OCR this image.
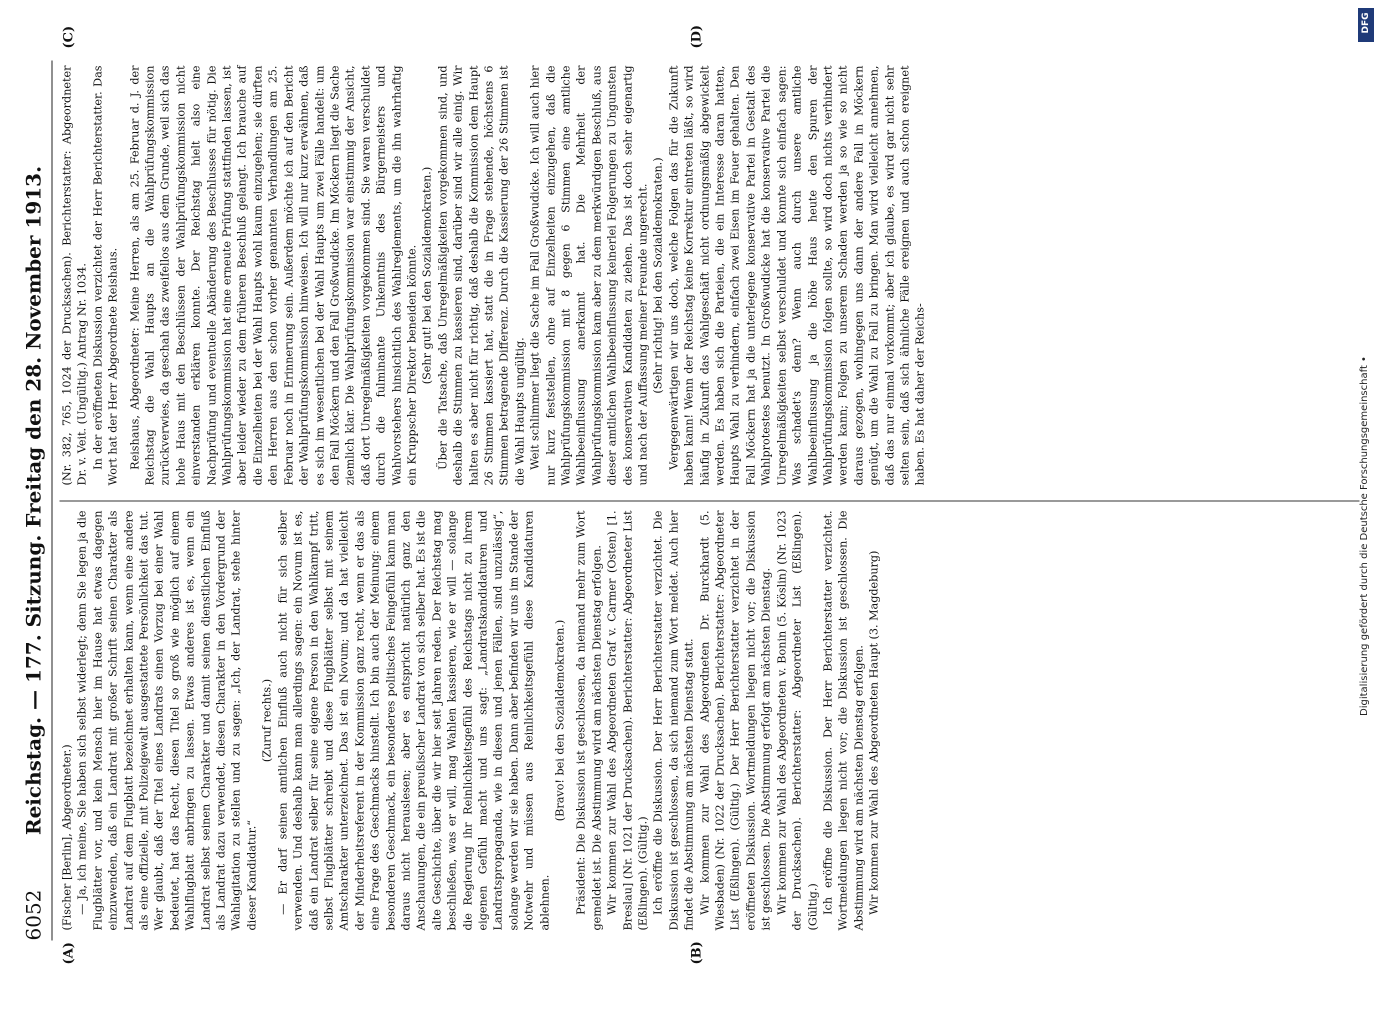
6052
Reichstag. — 177. Sitzung. Freitag den 28. November 1913.
(A)	(B)
(C)	(D)

(Fischer [Berlin], Abgeordneter.) — Ja, ich meine, Sie haben sich selbst widerlegt; denn Sie legen ja die Flugblätter vor, und kein Mensch hier im Hause hat etwas dagegen einzuwenden, daß ein Landrat mit großer Schrift seinen Charakter als Landrat auf dem Flugblatt bezeichnet erhalten kann, wenn eine andere als eine offizielle, mit Polizeigewalt ausgestattete Persönlichkeit das tut. Wer glaubt, daß der Titel eines Landrats einen Vorzug bei einer Wahl bedeutet, hat das Recht, diesen Titel so groß wie möglich auf einem Wahlflugblatt anbringen zu lassen. Etwas anderes ist es, wenn ein Landrat selbst seinen Charakter und damit seinen dienstlichen Einfluß als Landrat dazu verwendet, diesen Charakter in den Vordergrund der Wahlagitation zu stellen und zu sagen: „Ich, der Landrat, stehe hinter dieser Kandidatur.“

(Zuruf rechts.) — Er darf seinen amtlichen Einfluß auch nicht für sich selber verwenden. Und deshalb kann man allerdings sagen: ein Novum ist es, daß ein Landrat selber für seine eigene Person in den Wahlkampf tritt, selbst Flugblätter schreibt und diese Flugblätter selbst mit seinem Amtscharakter unterzeichnet. Das ist ein Novum; und da hat vielleicht der Minderheitsreferent in der Kommission ganz recht, wenn er das als eine Frage des Geschmacks hinstellt. Ich bin auch der Meinung: einem besonderen Geschmack, ein besonderes politisches Feingefühl kann man daraus nicht herauslesen; aber es entspricht natürlich ganz den Anschauungen, die ein preußischer Landrat von sich selber hat. Es ist die alte Geschichte, über die wir hier seit Jahren reden. Der Reichstag mag beschließen, was er will, mag Wahlen kassieren, wie er will — solange die Regierung ihr Reinlichkeitsgefühl des Reichstags nicht zu ihrem eigenen Gefühl macht und uns sagt: „Landratskandidaturen und Landratspropaganda, wie in diesen und jenen Fällen, sind unzulässig“, solange werden wir sie haben. Dann aber befinden wir uns im Stande der Notwehr und müssen aus Reinlichkeitsgefühl diese Kandidaturen ablehnen.

(Bravo! bei den Sozialdemokraten.) Präsident: Die Diskussion ist geschlossen, da niemand mehr zum Wort gemeldet ist. Die Abstimmung wird am nächsten Dienstag erfolgen. Wir kommen zur Wahl des Abgeordneten Graf v. Carmer (Osten) [1. Breslau] (Nr. 1021 der Drucksachen). Berichterstatter: Abgeordneter List (Eßlingen). (Gültig.) Ich eröffne die Diskussion. Der Herr Berichterstatter verzichtet. Die Diskussion ist geschlossen, da sich niemand zum Wort meldet. Auch hier findet die Abstimmung am nächsten Dienstag statt. Wir kommen zur Wahl des Abgeordneten Dr. Burckhardt (5. Wiesbaden) (Nr. 1022 der Drucksachen). Berichterstatter: Abgeordneter List (Eßlingen). (Gültig.) Der Herr Berichterstatter verzichtet in der eröffneten Diskussion. Wortmeldungen liegen nicht vor; die Diskussion ist geschlossen. Die Abstimmung erfolgt am nächsten Dienstag. Wir kommen zur Wahl des Abgeordneten v. Bonin (5. Köslin) (Nr. 1023 der Drucksachen). Berichterstatter: Abgeordneter List (Eßlingen). (Gültig.) Ich eröffne die Diskussion. Der Herr Berichterstatter verzichtet. Wortmeldungen liegen nicht vor; die Diskussion ist geschlossen. Die Abstimmung wird am nächsten Dienstag erfolgen. Wir kommen zur Wahl des Abgeordneten Haupt (3. Magdeburg)

(Nr. 382, 765, 1024 der Drucksachen). Berichterstatter: Abgeordneter Dr. v. Veit. (Ungültig.) Antrag Nr. 1034. In der eröffneten Diskussion verzichtet der Herr Berichterstatter. Das Wort hat der Herr Abgeordnete Reishaus. Reishaus, Abgeordneter: Meine Herren, als am 25. Februar d. J. der Reichstag die Wahl Haupts an die Wahlprüfungskommission zurückverwies, da geschah das zweifellos aus dem Grunde, weil sich das hohe Haus mit den Beschlüssen der Wahlprüfungskommission nicht einverstanden erklären konnte. Der Reichstag hielt also eine Nachprüfung und eventuelle Abänderung des Beschlusses für nötig. Die Wahlprüfungskommission hat eine erneute Prüfung stattfinden lassen, ist aber leider wieder zu dem früheren Beschluß gelangt. Ich brauche auf die Einzelheiten bei der Wahl Haupts wohl kaum einzugehen; sie dürften den Herren aus den schon vorher genannten Verhandlungen am 25. Februar noch in Erinnerung sein. Außerdem möchte ich auf den Bericht der Wahlprüfungskommission hinweisen. Ich will nur kurz erwähnen, daß es sich im wesentlichen bei der Wahl Haupts um zwei Fälle handelt: um den Fall Möckern und den Fall Großwudicke. Im Möckern liegt die Sache ziemlich klar. Die Wahlprüfungskommission war einstimmig der Ansicht, daß dort Unregelmäßigkeiten vorgekommen sind. Sie waren verschuldet durch die fulminante Unkenntnis des Bürgermeisters und Wahlvorstehers hinsichtlich des Wahlreglements, um die ihn wahrhaftig ein Kruppscher Direktor beneiden könnte. (Sehr gut! bei den Sozialdemokraten.) Über die Tatsache, daß Unregelmäßigkeiten vorgekommen sind, und deshalb die Stimmen zu kassieren sind, darüber sind wir alle einig. Wir halten es aber nicht für richtig, daß deshalb die Kommission dem Haupt 26 Stimmen kassiert hat, statt die in Frage stehende, höchstens 6 Stimmen betragende Differenz. Durch die Kassierung der 26 Stimmen ist die Wahl Haupts ungültig. Weit schlimmer liegt die Sache im Fall Großwudicke. Ich will auch hier nur kurz feststellen, ohne auf Einzelheiten einzugehen, daß die Wahlprüfungskommission mit 8 gegen 6 Stimmen eine amtliche Wahlbeeinflussung anerkannt hat. Die Mehrheit der Wahlprüfungskommission kam aber zu dem merkwürdigen Beschluß, aus dieser amtlichen Wahlbeeinflussung keinerlei Folgerungen zu Ungunsten des konservativen Kandidaten zu ziehen. Das ist doch sehr eigenartig und nach der Auffassung meiner Freunde ungerecht. (Sehr richtig! bei den Sozialdemokraten.) Vergegenwärtigen wir uns doch, welche Folgen das für die Zukunft haben kann! Wenn der Reichstag keine Korrektur eintreten läßt, so wird häufig in Zukunft das Wahlgeschäft nicht ordnungsmäßig abgewickelt werden. Es haben sich die Parteien, die ein Interesse daran hatten, Haupts Wahl zu verhindern, einfach zwei Eisen im Feuer gehalten. Den Fall Möckern hat ja die unterlegene konservative Partei in Gestalt des Wahlprotestes benutzt. In Großwudicke hat die konservative Partei die Unregelmäßigkeiten selbst verschuldet und konnte sich einfach sagen: Was schadet's denn? Wenn auch durch unsere amtliche Wahlbeeinflussung ja die höhe Haus heute den Spuren der Wahlprüfungskommission folgen sollte, so wird doch nichts verhindert werden kann; Folgen zu unserem Schaden werden ja so wie so nicht daraus gezogen, wohingegen uns dann der andere Fall in Möckern genügt, um die Wahl zu Fall zu bringen. Man wird vielleicht annehmen, daß das nur einmal vorkommt; aber ich glaube, es wird gar nicht sehr selten sein, daß sich ähnliche Fälle ereignen und auch schon ereignet haben. Es hat daher der Reichs-

DFG
Digitalisierung gefördert durch die Deutsche Forschungsgemeinschaft •
